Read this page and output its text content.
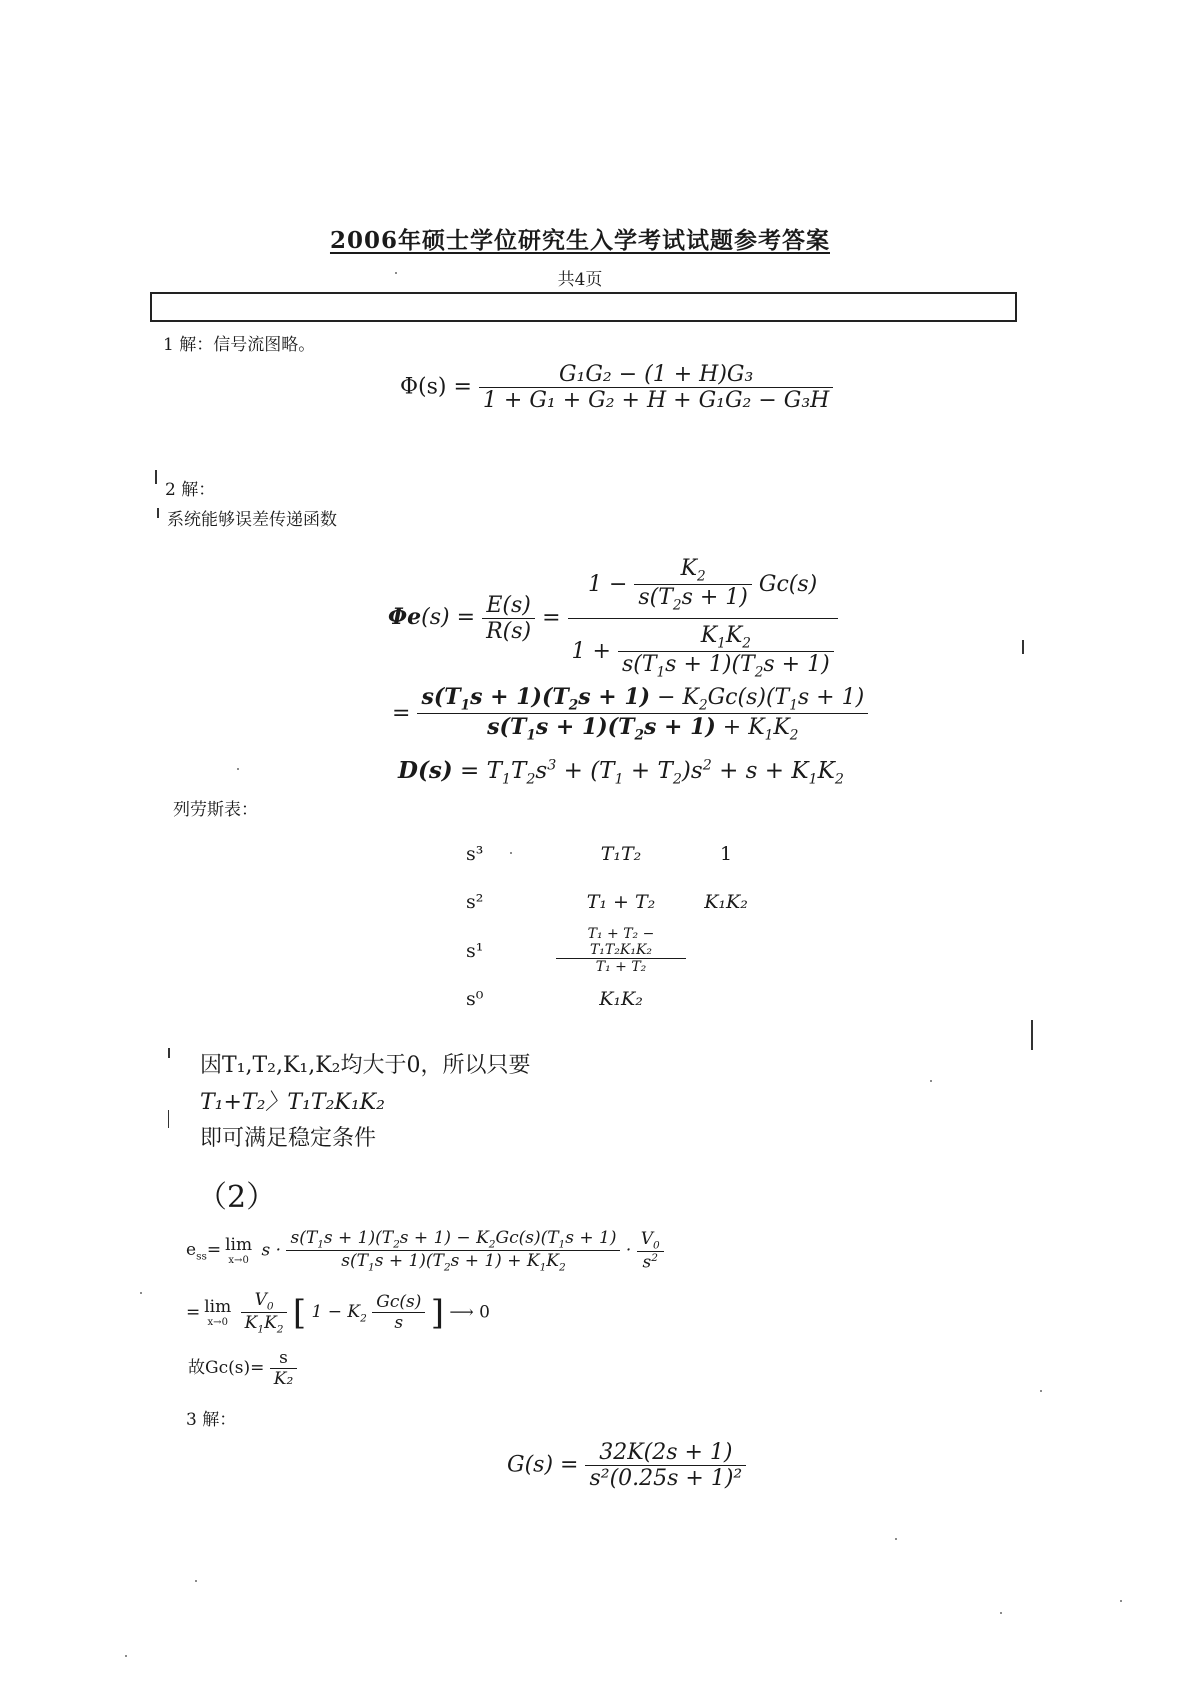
2006年硕士学位研究生入学考试试题参考答案
共4页
1 解：信号流图略。
$\Phi(s) = \frac{\text{G₁G₂ − (1 + H)G₃}}{\text{1 + G₁ + G₂ + H + G₁G₂ − G₃H}}$
2 解：
系统能够误差传递函数
$\Phi e(s) = \frac{E(s)}{R(s)} = \frac{1 - \frac{K_2}{s(T_2s + 1)} Gc(s)}{1 + \frac{K_1K_2}{s(T_1s + 1)(T_2s + 1)}}$
= $\frac{s(T_1s + 1)(T_2s + 1) - K_2Gc(s)(T_1s + 1)}{s(T_1s + 1)(T_2s + 1) + K_1K_2}$
$D(s) = T_1T_2s^3 + (T_1 + T_2)s^2 + s + K_1K_2$
列劳斯表：
s³	T₁T₂	1
s²	T₁ + T₂	K₁K₂
s¹	$\frac{\text{T₁ + T₂ − T₁T₂K₁K₂}}{\text{T₁ + T₂}}$

s⁰	K₁K₂	
因T₁,T₂,K₁,K₂均大于0，所以只要
T₁+T₂〉T₁T₂K₁K₂
即可满足稳定条件
（2）
$e_{ss}= \lim$
x→0
$s \cdot \frac{s(T_1s + 1)(T_2s + 1) - K_2Gc(s)(T_1s + 1)}{s(T_1s + 1)(T_2s + 1) + K_1K_2} \cdot \frac{V_0}{s^2}$
= lim
x→0
$\frac{V_0}{K_1K_2}$ [ $1 - K_2 \frac{Gc(s)}{s}$ ] ⟶ 0
故$Gc(s)= \frac{s}{\text{K₂}}$
3 解：
$G(s) = \frac{32K(2s + 1)}{\text{s²(0.25s + 1)²}}$
